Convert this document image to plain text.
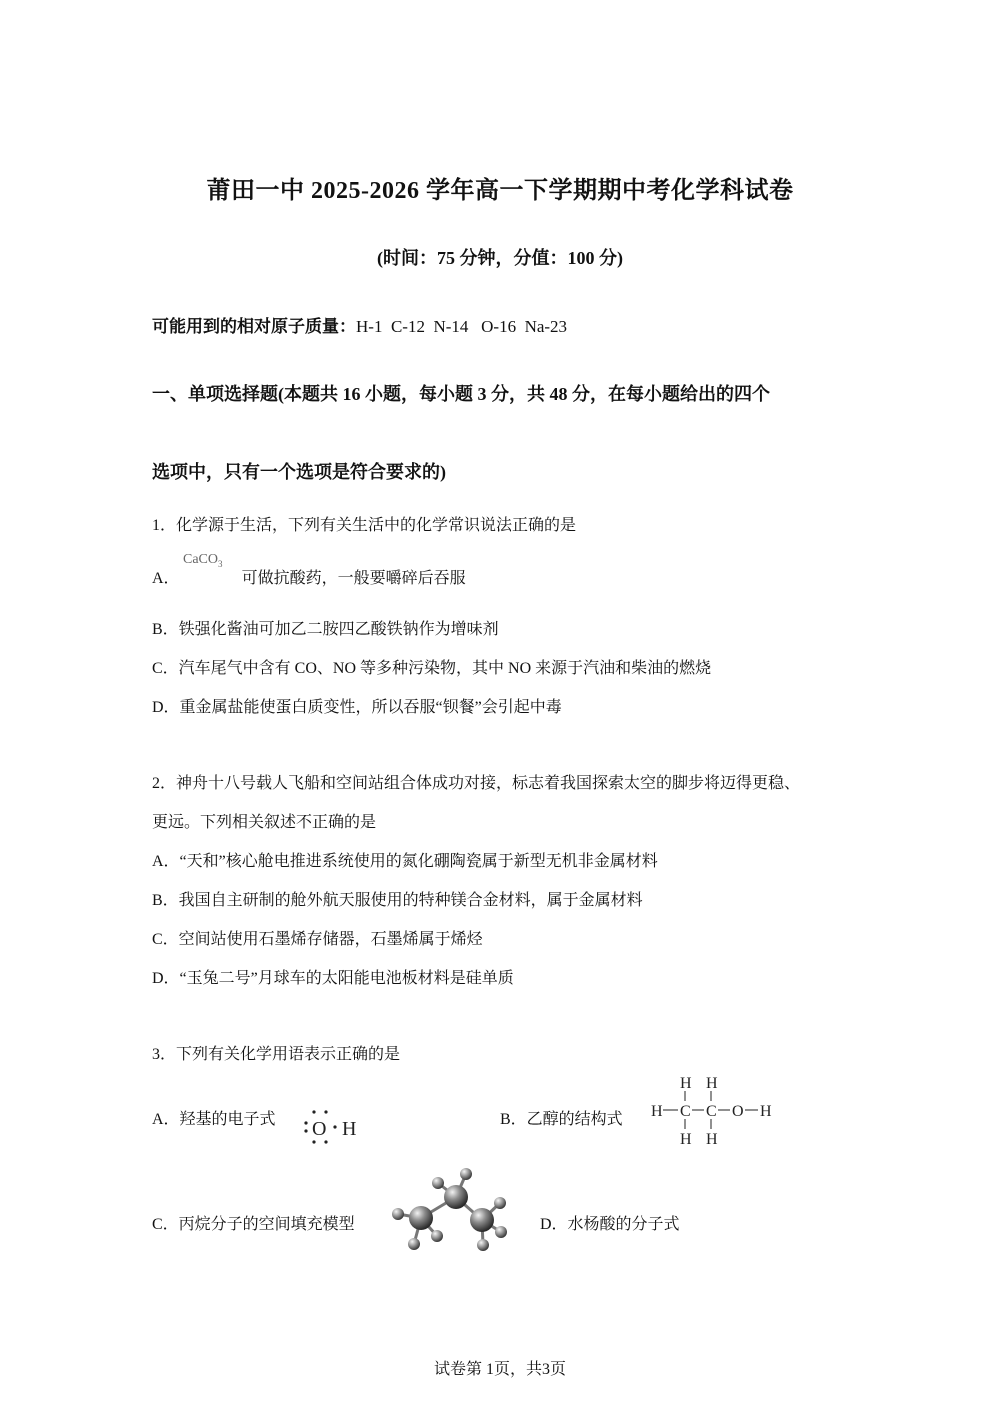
莆田一中 2025-2026 学年高一下学期期中考化学科试卷
(时间：75 分钟，分值：100 分)
可能用到的相对原子质量：H-1  C-12  N-14   O-16  Na-23
一、单项选择题(本题共 16 小题，每小题 3 分，共 48 分，在每小题给出的四个
选项中，只有一个选项是符合要求的)
1．化学源于生活，下列有关生活中的化学常识说法正确的是
CaCO$_3$
A．	可做抗酸药，一般要嚼碎后吞服
B．铁强化酱油可加乙二胺四乙酸铁钠作为增味剂
C．汽车尾气中含有 CO、NO 等多种污染物，其中 NO 来源于汽油和柴油的燃烧
D．重金属盐能使蛋白质变性，所以吞服“钡餐”会引起中毒
2．神舟十八号载人飞船和空间站组合体成功对接，标志着我国探索太空的脚步将迈得更稳、
更远。下列相关叙述不正确的是
A．“天和”核心舱电推进系统使用的氮化硼陶瓷属于新型无机非金属材料
B．我国自主研制的舱外航天服使用的特种镁合金材料，属于金属材料
C．空间站使用石墨烯存储器，石墨烯属于烯烃
D．“玉兔二号”月球车的太阳能电池板材料是硅单质
3．下列有关化学用语表示正确的是
A．羟基的电子式 O H	B．乙醇的结构式
H H
H C C O H
H H
C．丙烷分子的空间填充模型	D．水杨酸的分子式
试卷第 1页，共3页
